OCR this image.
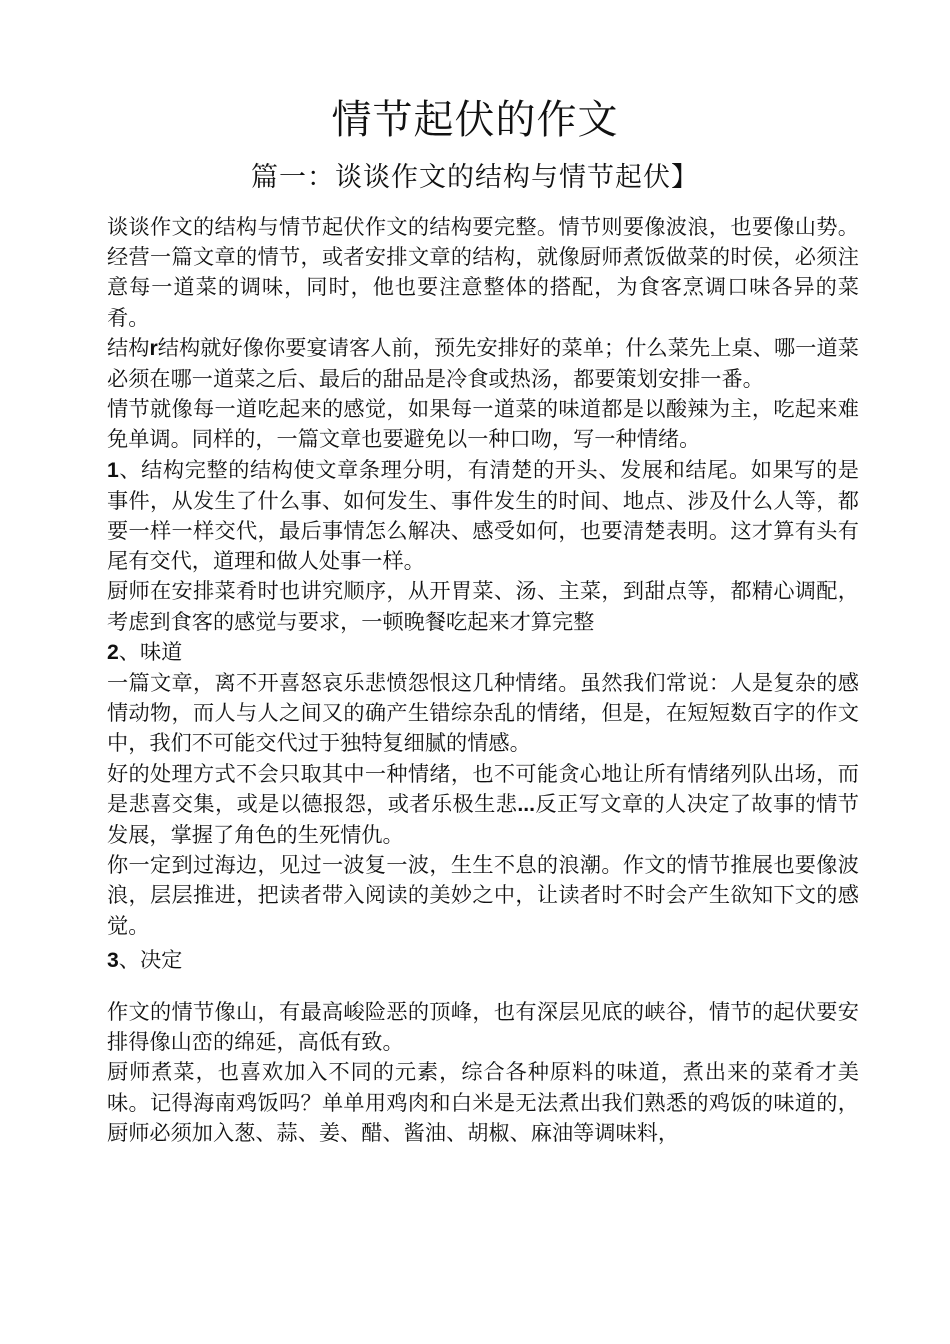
情节起伏的作文
篇一：谈谈作文的结构与情节起伏】

谈谈作文的结构与情节起伏作文的结构要完整。情节则要像波浪，也要像山势。经营一篇文章的情节，或者安排文章的结构，就像厨师煮饭做菜的时侯，必须注意每一道菜的调味，同时，他也要注意整体的搭配，为食客烹调口味各异的菜肴。

结构r结构就好像你要宴请客人前，预先安排好的菜单；什么菜先上桌、哪一道菜必须在哪一道菜之后、最后的甜品是冷食或热汤，都要策划安排一番。

情节就像每一道吃起来的感觉，如果每一道菜的味道都是以酸辣为主，吃起来难免单调。同样的，一篇文章也要避免以一种口吻，写一种情绪。

1、结构完整的结构使文章条理分明，有清楚的开头、发展和结尾。如果写的是事件，从发生了什么事、如何发生、事件发生的时间、地点、涉及什么人等，都要一样一样交代，最后事情怎么解决、感受如何，也要清楚表明。这才算有头有尾有交代，道理和做人处事一样。

厨师在安排菜肴时也讲究顺序，从开胃菜、汤、主菜，到甜点等，都精心调配，考虑到食客的感觉与要求，一顿晚餐吃起来才算完整

2、味道

一篇文章，离不开喜怒哀乐悲愤怨恨这几种情绪。虽然我们常说：人是复杂的感情动物，而人与人之间又的确产生错综杂乱的情绪，但是，在短短数百字的作文中，我们不可能交代过于独特复细腻的情感。

好的处理方式不会只取其中一种情绪，也不可能贪心地让所有情绪列队出场，而是悲喜交集，或是以德报怨，或者乐极生悲...反正写文章的人决定了故事的情节发展，掌握了角色的生死情仇。

你一定到过海边，见过一波复一波，生生不息的浪潮。作文的情节推展也要像波浪，层层推进，把读者带入阅读的美妙之中，让读者时不时会产生欲知下文的感觉。

3、决定

作文的情节像山，有最高峻险恶的顶峰，也有深层见底的峡谷，情节的起伏要安排得像山峦的绵延，高低有致。

厨师煮菜，也喜欢加入不同的元素，综合各种原料的味道，煮出来的菜肴才美味。记得海南鸡饭吗？单单用鸡肉和白米是无法煮出我们熟悉的鸡饭的味道的，厨师必须加入葱、蒜、姜、醋、酱油、胡椒、麻油等调味料，
